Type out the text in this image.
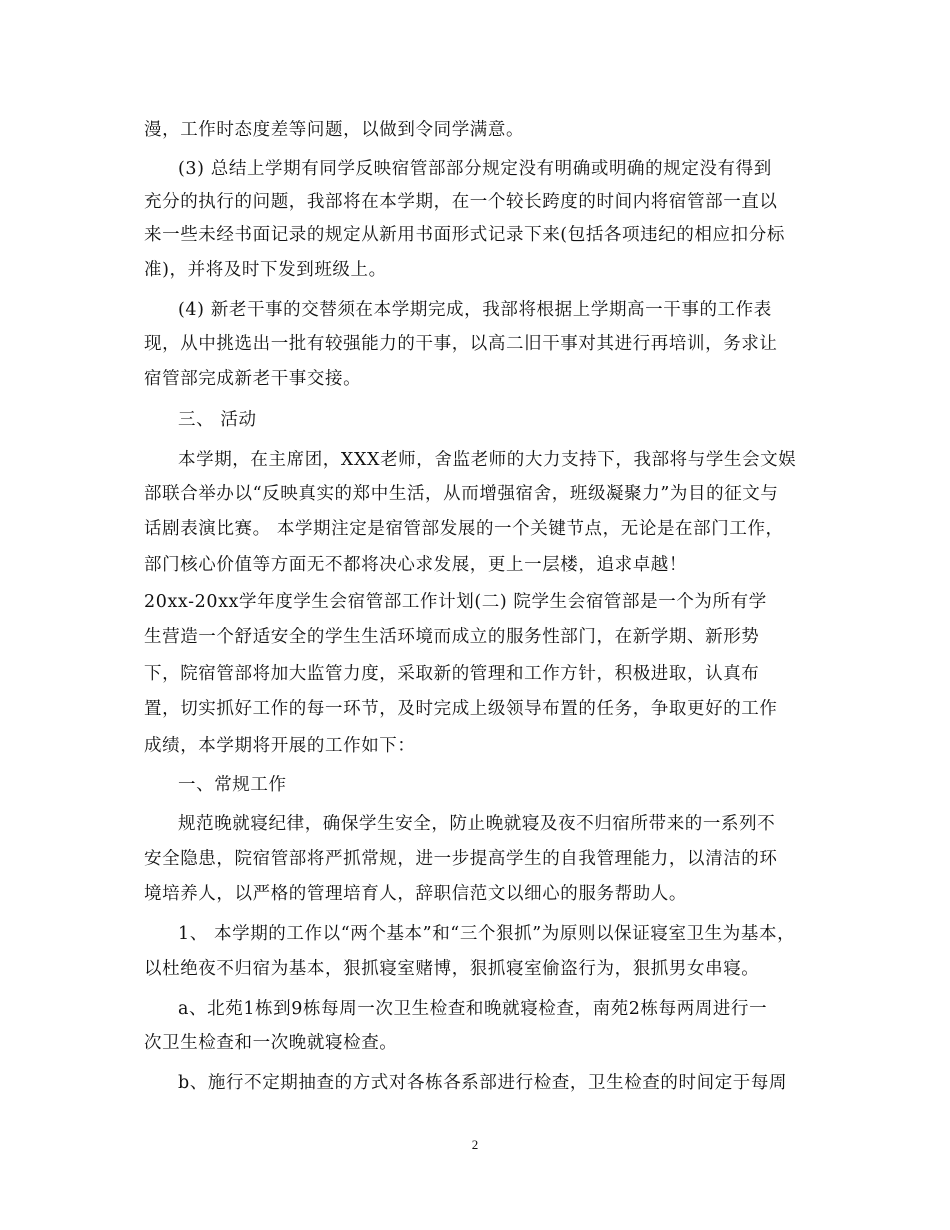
漫，工作时态度差等问题，以做到令同学满意。
(3) 总结上学期有同学反映宿管部部分规定没有明确或明确的规定没有得到
充分的执行的问题，我部将在本学期，在一个较长跨度的时间内将宿管部一直以
来一些未经书面记录的规定从新用书面形式记录下来(包括各项违纪的相应扣分标
准)，并将及时下发到班级上。
(4) 新老干事的交替须在本学期完成，我部将根据上学期高一干事的工作表
现，从中挑选出一批有较强能力的干事，以高二旧干事对其进行再培训，务求让
宿管部完成新老干事交接。
三、 活动
本学期，在主席团，XXX老师，舍监老师的大力支持下，我部将与学生会文娱
部联合举办以“反映真实的郑中生活，从而增强宿舍，班级凝聚力”为目的征文与
话剧表演比赛。 本学期注定是宿管部发展的一个关键节点，无论是在部门工作，
部门核心价值等方面无不都将决心求发展，更上一层楼，追求卓越！
20xx-20xx学年度学生会宿管部工作计划(二) 院学生会宿管部是一个为所有学
生营造一个舒适安全的学生生活环境而成立的服务性部门，在新学期、新形势
下，院宿管部将加大监管力度，采取新的管理和工作方针，积极进取，认真布
置，切实抓好工作的每一环节，及时完成上级领导布置的任务，争取更好的工作
成绩，本学期将开展的工作如下：
一、常规工作
规范晚就寝纪律，确保学生安全，防止晚就寝及夜不归宿所带来的一系列不
安全隐患，院宿管部将严抓常规，进一步提高学生的自我管理能力，以清洁的环
境培养人，以严格的管理培育人，辞职信范文以细心的服务帮助人。
1、 本学期的工作以“两个基本”和“三个狠抓”为原则以保证寝室卫生为基本，
以杜绝夜不归宿为基本，狠抓寝室赌博，狠抓寝室偷盗行为，狠抓男女串寝。
a、北苑1栋到9栋每周一次卫生检查和晚就寝检查，南苑2栋每两周进行一
次卫生检查和一次晚就寝检查。
b、施行不定期抽查的方式对各栋各系部进行检查，卫生检查的时间定于每周
2
